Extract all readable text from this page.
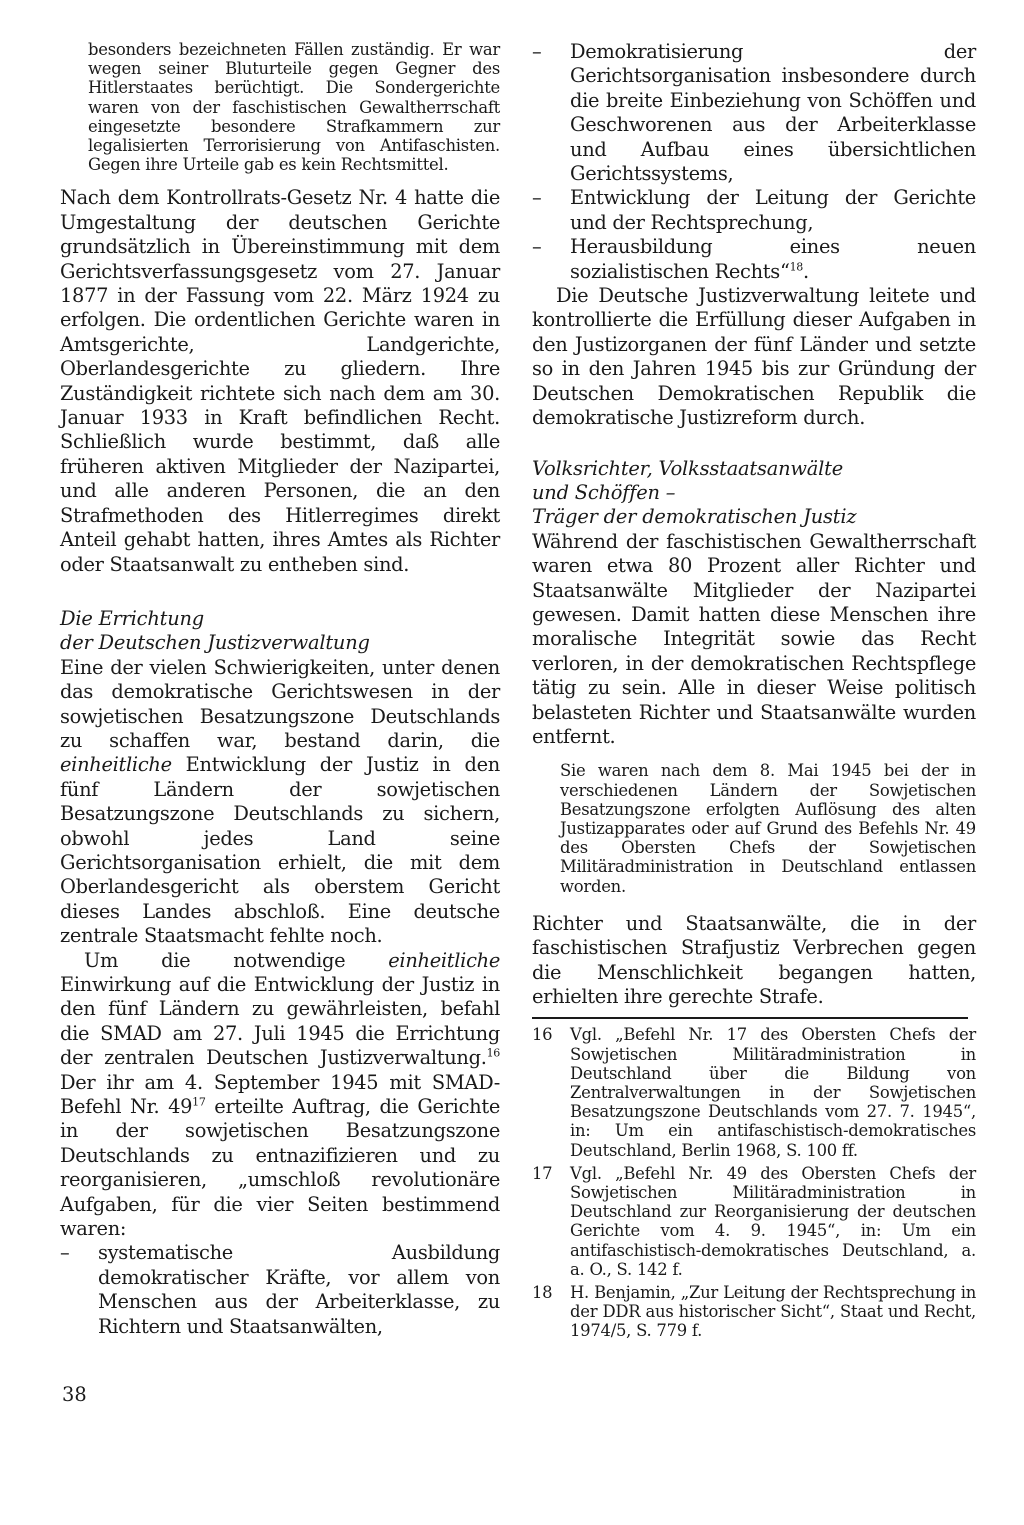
besonders bezeichneten Fällen zuständig. Er war wegen seiner Bluturteile gegen Gegner des Hitlerstaates berüchtigt. Die Sondergerichte waren von der faschistischen Gewaltherrschaft eingesetzte besondere Strafkammern zur legalisierten Terrorisierung von Antifaschisten. Gegen ihre Urteile gab es kein Rechtsmittel.

Nach dem Kontrollrats-Gesetz Nr. 4 hatte die Umgestaltung der deutschen Gerichte grundsätzlich in Übereinstimmung mit dem Gerichtsverfassungsgesetz vom 27. Januar 1877 in der Fassung vom 22. März 1924 zu erfolgen. Die ordentlichen Gerichte waren in Amtsgerichte, Landgerichte, Oberlandesgerichte zu gliedern. Ihre Zuständigkeit richtete sich nach dem am 30. Januar 1933 in Kraft befindlichen Recht. Schließlich wurde bestimmt, daß alle früheren aktiven Mitglieder der Nazipartei, und alle anderen Personen, die an den Strafmethoden des Hitlerregimes direkt Anteil gehabt hatten, ihres Amtes als Richter oder Staatsanwalt zu entheben sind.

Die Errichtung
der Deutschen Justizverwaltung

Eine der vielen Schwierigkeiten, unter denen das demokratische Gerichtswesen in der sowjetischen Besatzungszone Deutschlands zu schaffen war, bestand darin, die einheitliche Entwicklung der Justiz in den fünf Ländern der sowjetischen Besatzungszone Deutschlands zu sichern, obwohl jedes Land seine Gerichtsorganisation erhielt, die mit dem Oberlandesgericht als oberstem Gericht dieses Landes abschloß. Eine deutsche zentrale Staatsmacht fehlte noch.

Um die notwendige einheitliche Einwirkung auf die Entwicklung der Justiz in den fünf Ländern zu gewährleisten, befahl die SMAD am 27. Juli 1945 die Errichtung der zentralen Deutschen Justizverwaltung.$^{16}$ Der ihr am 4. September 1945 mit SMAD-Befehl Nr. $49^{17}$ erteilte Auftrag, die Gerichte in der sowjetischen Besatzungszone Deutschlands zu entnazifizieren und zu reorganisieren, „umschloß revolutionäre Aufgaben, für die vier Seiten bestimmend waren:

– systematische Ausbildung demokratischer Kräfte, vor allem von Menschen aus der Arbeiterklasse, zu Richtern und Staatsanwälten,
– Demokratisierung der Gerichtsorganisation insbesondere durch die breite Einbeziehung von Schöffen und Geschworenen aus der Arbeiterklasse und Aufbau eines übersichtlichen Gerichtssystems,
– Entwicklung der Leitung der Gerichte und der Rechtsprechung,
– Herausbildung eines neuen sozialistischen Rechts“$^{18}$.

Die Deutsche Justizverwaltung leitete und kontrollierte die Erfüllung dieser Aufgaben in den Justizorganen der fünf Länder und setzte so in den Jahren 1945 bis zur Gründung der Deutschen Demokratischen Republik die demokratische Justizreform durch.

Volksrichter, Volksstaatsanwälte
und Schöffen –
Träger der demokratischen Justiz

Während der faschistischen Gewaltherrschaft waren etwa 80 Prozent aller Richter und Staatsanwälte Mitglieder der Nazipartei gewesen. Damit hatten diese Menschen ihre moralische Integrität sowie das Recht verloren, in der demokratischen Rechtspflege tätig zu sein. Alle in dieser Weise politisch belasteten Richter und Staatsanwälte wurden entfernt.

Sie waren nach dem 8. Mai 1945 bei der in verschiedenen Ländern der Sowjetischen Besatzungszone erfolgten Auflösung des alten Justizapparates oder auf Grund des Befehls Nr. 49 des Obersten Chefs der Sowjetischen Militäradministration in Deutschland entlassen worden.

Richter und Staatsanwälte, die in der faschistischen Strafjustiz Verbrechen gegen die Menschlichkeit begangen hatten, erhielten ihre gerechte Strafe.

16 Vgl. „Befehl Nr. 17 des Obersten Chefs der Sowjetischen Militäradministration in Deutschland über die Bildung von Zentralverwaltungen in der Sowjetischen Besatzungszone Deutschlands vom 27. 7. 1945“, in: Um ein antifaschistisch-demokratisches Deutschland, Berlin 1968, S. 100 ff.
17 Vgl. „Befehl Nr. 49 des Obersten Chefs der Sowjetischen Militäradministration in Deutschland zur Reorganisierung der deutschen Gerichte vom 4. 9. 1945“, in: Um ein antifaschistisch-demokratisches Deutschland, a. a. O., S. 142 f.
18 H. Benjamin, „Zur Leitung der Rechtsprechung in der DDR aus historischer Sicht“, Staat und Recht, 1974/5, S. 779 f.
38
